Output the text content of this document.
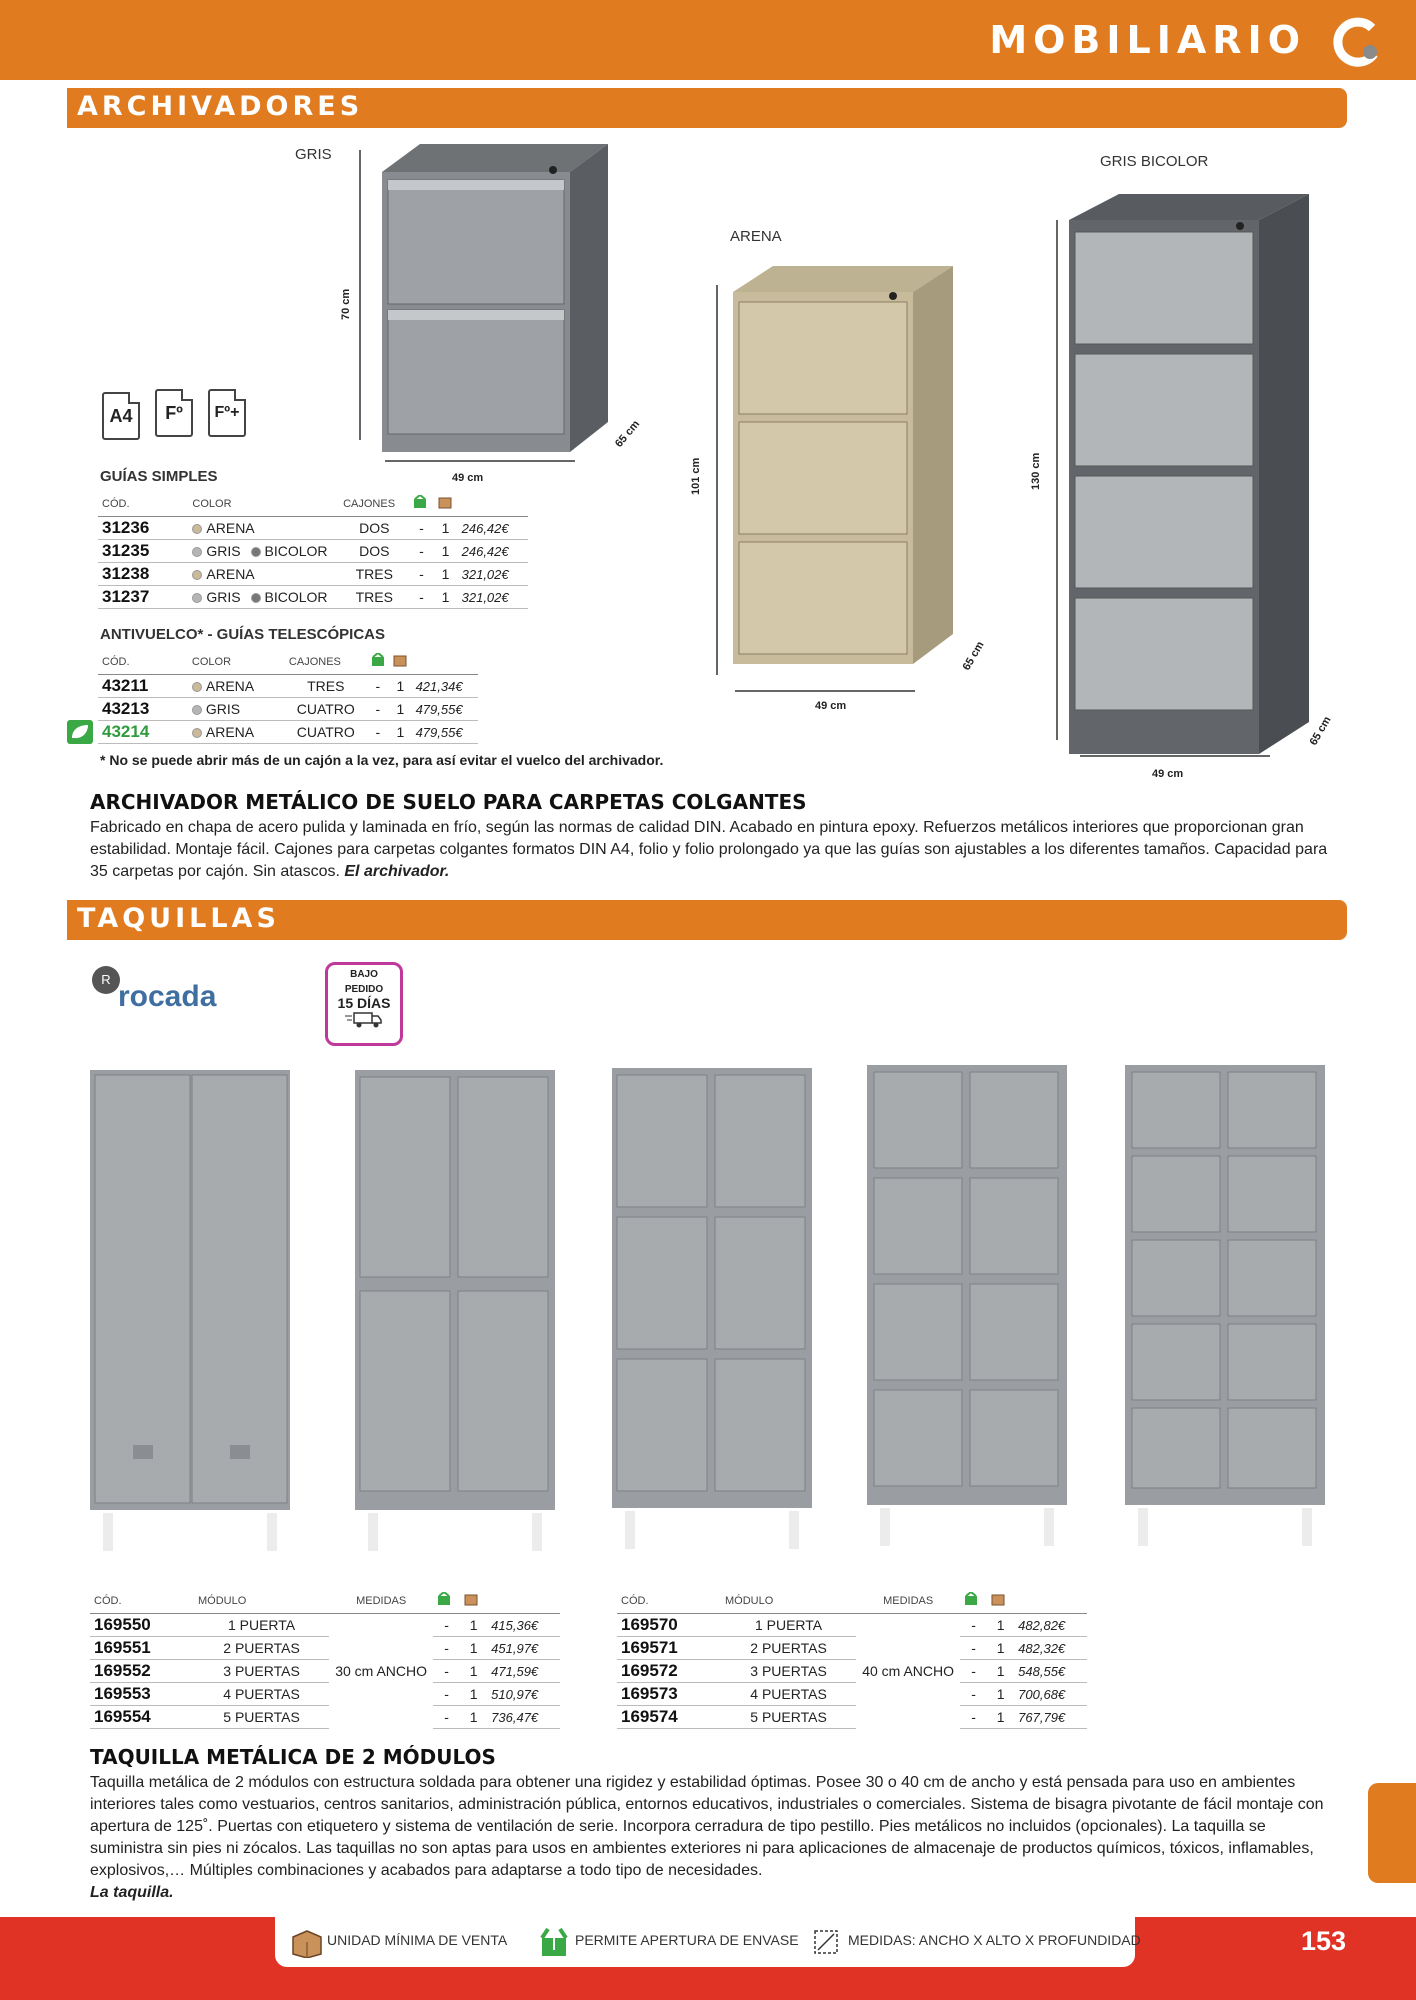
MOBILIARIO
ARCHIVADORES
GRIS
70 cm
49 cm
65 cm
ARENA
101 cm
49 cm
65 cm
GRIS BICOLOR
130 cm
49 cm
65 cm
A4	Fº	Fº+
GUÍAS SIMPLES
CÓD.	COLOR	CAJONES			
31236	ARENA	DOS	-	1	246,42€
31235	GRIS BICOLOR	DOS	-	1	246,42€
31238	ARENA	TRES	-	1	321,02€
31237	GRIS BICOLOR	TRES	-	1	321,02€
ANTIVUELCO* - GUÍAS TELESCÓPICAS
CÓD.	COLOR	CAJONES			
43211	ARENA	TRES	-	1	421,34€
43213	GRIS	CUATRO	-	1	479,55€
43214	ARENA	CUATRO	-	1	479,55€
* No se puede abrir más de un cajón a la vez, para así evitar el vuelco del archivador.
ARCHIVADOR METÁLICO DE SUELO PARA CARPETAS COLGANTES
Fabricado en chapa de acero pulida y laminada en frío, según las normas de calidad DIN. Acabado en pintura epoxy. Refuerzos metálicos interiores que proporcionan gran estabilidad. Montaje fácil. Cajones para carpetas colgantes formatos DIN A4, folio y folio prolongado ya que las guías son ajustables a los diferentes tamaños. Capacidad para 35 carpetas por cajón. Sin atascos. El archivador.
TAQUILLAS
R
rocada
BAJO
PEDIDO
15 DÍAS
CÓD.	MÓDULO	MEDIDAS			
169550	1 PUERTA	30 cm ANCHO	-	1	415,36€
169551	2 PUERTAS		-	1	451,97€
169552	3 PUERTAS		-	1	471,59€
169553	4 PUERTAS		-	1	510,97€
169554	5 PUERTAS		-	1	736,47€
CÓD.	MÓDULO	MEDIDAS			
169570	1 PUERTA	40 cm ANCHO	-	1	482,82€
169571	2 PUERTAS		-	1	482,32€
169572	3 PUERTAS		-	1	548,55€
169573	4 PUERTAS		-	1	700,68€
169574	5 PUERTAS		-	1	767,79€
TAQUILLA METÁLICA DE 2 MÓDULOS
Taquilla metálica de 2 módulos con estructura soldada para obtener una rigidez y estabilidad óptimas. Posee 30 o 40 cm de ancho y está pensada para uso en ambientes interiores tales como vestuarios, centros sanitarios, administración pública, entornos educativos, industriales o comerciales. Sistema de bisagra pivotante de fácil montaje con apertura de 125˚. Puertas con etiquetero y sistema de ventilación de serie. Incorpora cerradura de tipo pestillo. Pies metálicos no incluidos (opcionales). La taquilla se suministra sin pies ni zócalos. Las taquillas no son aptas para usos en ambientes exteriores ni para aplicaciones de almacenaje de productos químicos, tóxicos, inflamables, explosivos,… Múltiples combinaciones y acabados para adaptarse a todo tipo de necesidades.
La taquilla.
UNIDAD MÍNIMA DE VENTA	PERMITE APERTURA DE ENVASE	MEDIDAS: ANCHO X ALTO X PROFUNDIDAD	153
